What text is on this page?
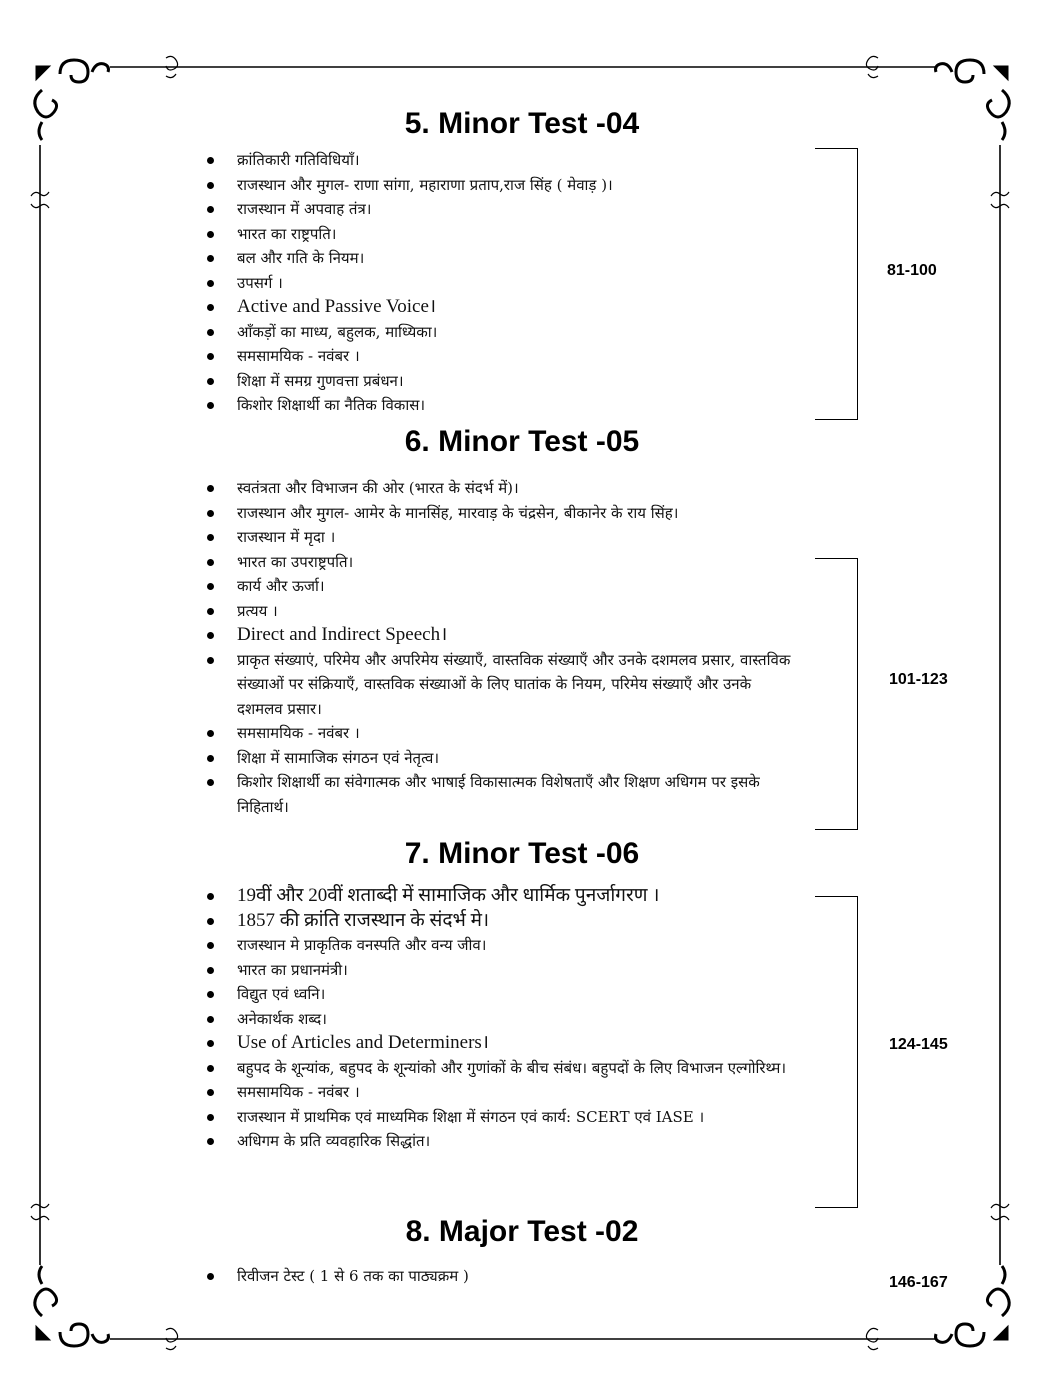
5. Minor Test -04
क्रांतिकारी गतिविधियाँ।
राजस्थान और मुगल- राणा सांगा, महाराणा प्रताप,राज सिंह ( मेवाड़ )।
राजस्थान में अपवाह तंत्र।
भारत का राष्ट्रपति।
बल और गति के नियम।
उपसर्ग ।
Active and Passive Voice।
आँकड़ों का माध्य, बहुलक, माध्यिका।
समसामयिक - नवंबर ।
शिक्षा में समग्र गुणवत्ता प्रबंधन।
किशोर शिक्षार्थी का नैतिक विकास।
81-100
6. Minor Test -05
स्वतंत्रता और विभाजन की ओर (भारत के संदर्भ में)।
राजस्थान और मुगल- आमेर के मानसिंह, मारवाड़ के चंद्रसेन, बीकानेर के राय सिंह।
राजस्थान में मृदा ।
भारत का उपराष्ट्रपति।
कार्य और ऊर्जा।
प्रत्यय ।
Direct and Indirect Speech।
प्राकृत संख्याएं, परिमेय और अपरिमेय संख्याएँ, वास्तविक संख्याएँ और उनके दशमलव प्रसार, वास्तविक संख्याओं पर संक्रियाएँ, वास्तविक संख्याओं के लिए घातांक के नियम, परिमेय संख्याएँ और उनके दशमलव प्रसार।
समसामयिक - नवंबर ।
शिक्षा में सामाजिक संगठन एवं नेतृत्व।
किशोर शिक्षार्थी का संवेगात्मक और भाषाई विकासात्मक विशेषताएँ और शिक्षण अधिगम पर इसके निहितार्थ।
101-123
7. Minor Test -06
19वीं और 20वीं शताब्दी में सामाजिक और धार्मिक पुनर्जागरण ।
1857 की क्रांति राजस्थान के संदर्भ मे।
राजस्थान मे प्राकृतिक वनस्पति और वन्य जीव।
भारत का प्रधानमंत्री।
विद्युत एवं ध्वनि।
अनेकार्थक शब्द।
Use of Articles and Determiners।
बहुपद के शून्यांक, बहुपद के शून्यांको और गुणांकों के बीच संबंध। बहुपदों के लिए विभाजन एल्गोरिथ्म।
समसामयिक - नवंबर ।
राजस्थान में प्राथमिक एवं माध्यमिक शिक्षा में संगठन एवं कार्य: SCERT एवं IASE ।
अधिगम के प्रति व्यवहारिक सिद्धांत।
124-145
8. Major Test -02
रिवीजन टेस्ट ( 1 से 6 तक का पाठ्यक्रम )	146-167
